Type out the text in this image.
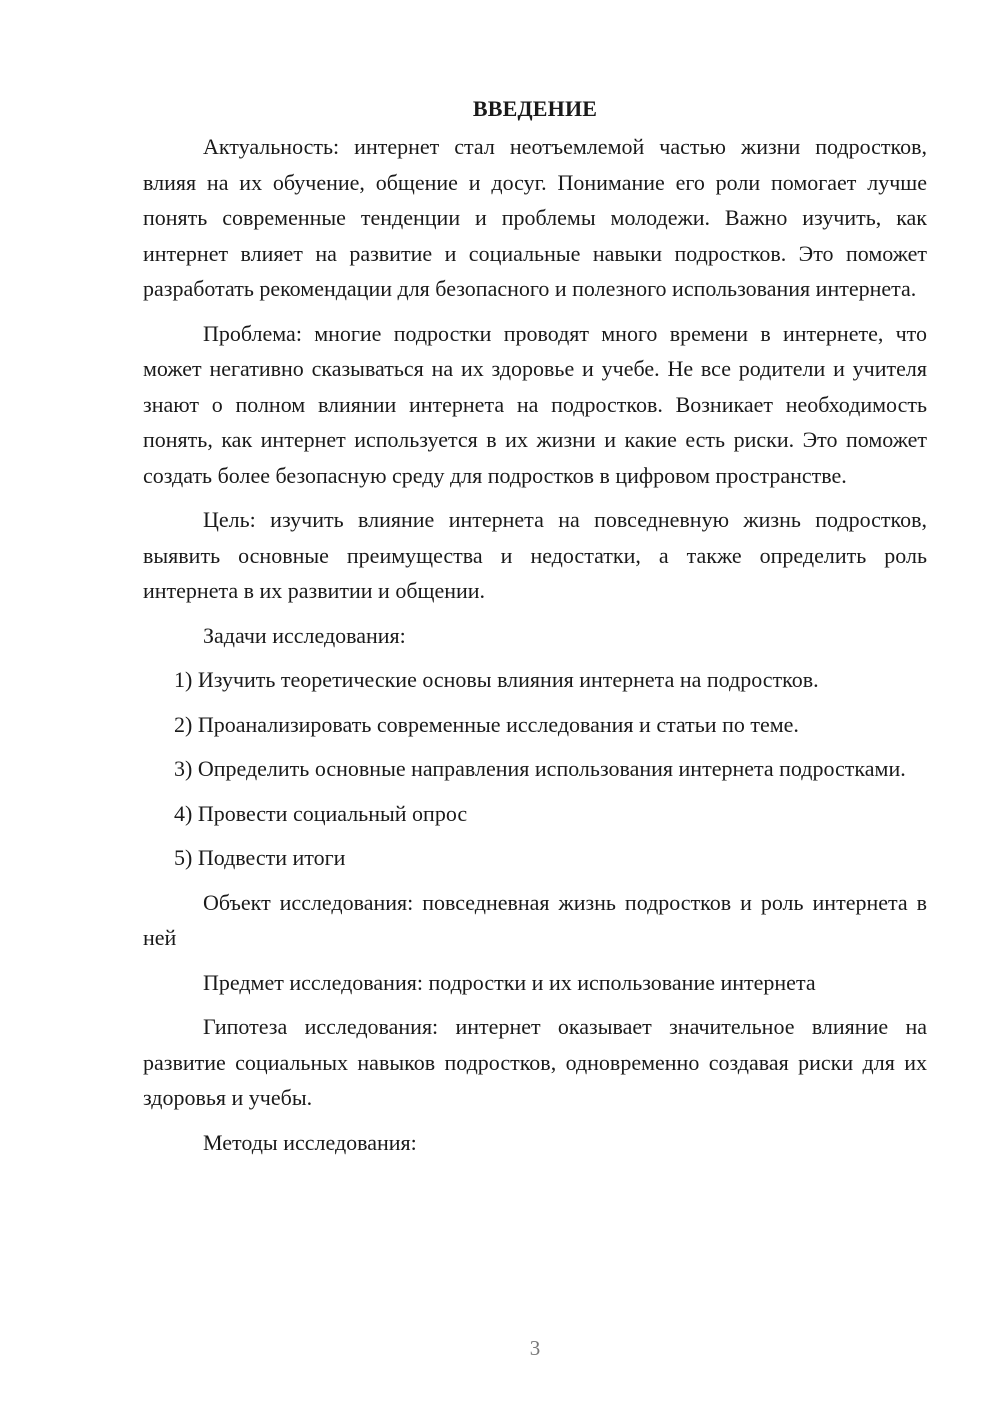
ВВЕДЕНИЕ

Актуальность: интернет стал неотъемлемой частью жизни подростков, влияя на их обучение, общение и досуг. Понимание его роли помогает лучше понять современные тенденции и проблемы молодежи. Важно изучить, как интернет влияет на развитие и социальные навыки подростков. Это поможет разработать рекомендации для безопасного и полезного использования интернета.

Проблема: многие подростки проводят много времени в интернете, что может негативно сказываться на их здоровье и учебе. Не все родители и учителя знают о полном влиянии интернета на подростков. Возникает необходимость понять, как интернет используется в их жизни и какие есть риски. Это поможет создать более безопасную среду для подростков в цифровом пространстве.

Цель: изучить влияние интернета на повседневную жизнь подростков, выявить основные преимущества и недостатки, а также определить роль интернета в их развитии и общении.

Задачи исследования:

1) Изучить теоретические основы влияния интернета на подростков.

2) Проанализировать современные исследования и статьи по теме.

3) Определить основные направления использования интернета подростками.

4) Провести социальный опрос

5) Подвести итоги

Объект исследования: повседневная жизнь подростков и роль интернета в ней

Предмет исследования: подростки и их использование интернета

Гипотеза исследования: интернет оказывает значительное влияние на развитие социальных навыков подростков, одновременно создавая риски для их здоровья и учебы.

Методы исследования:

3
